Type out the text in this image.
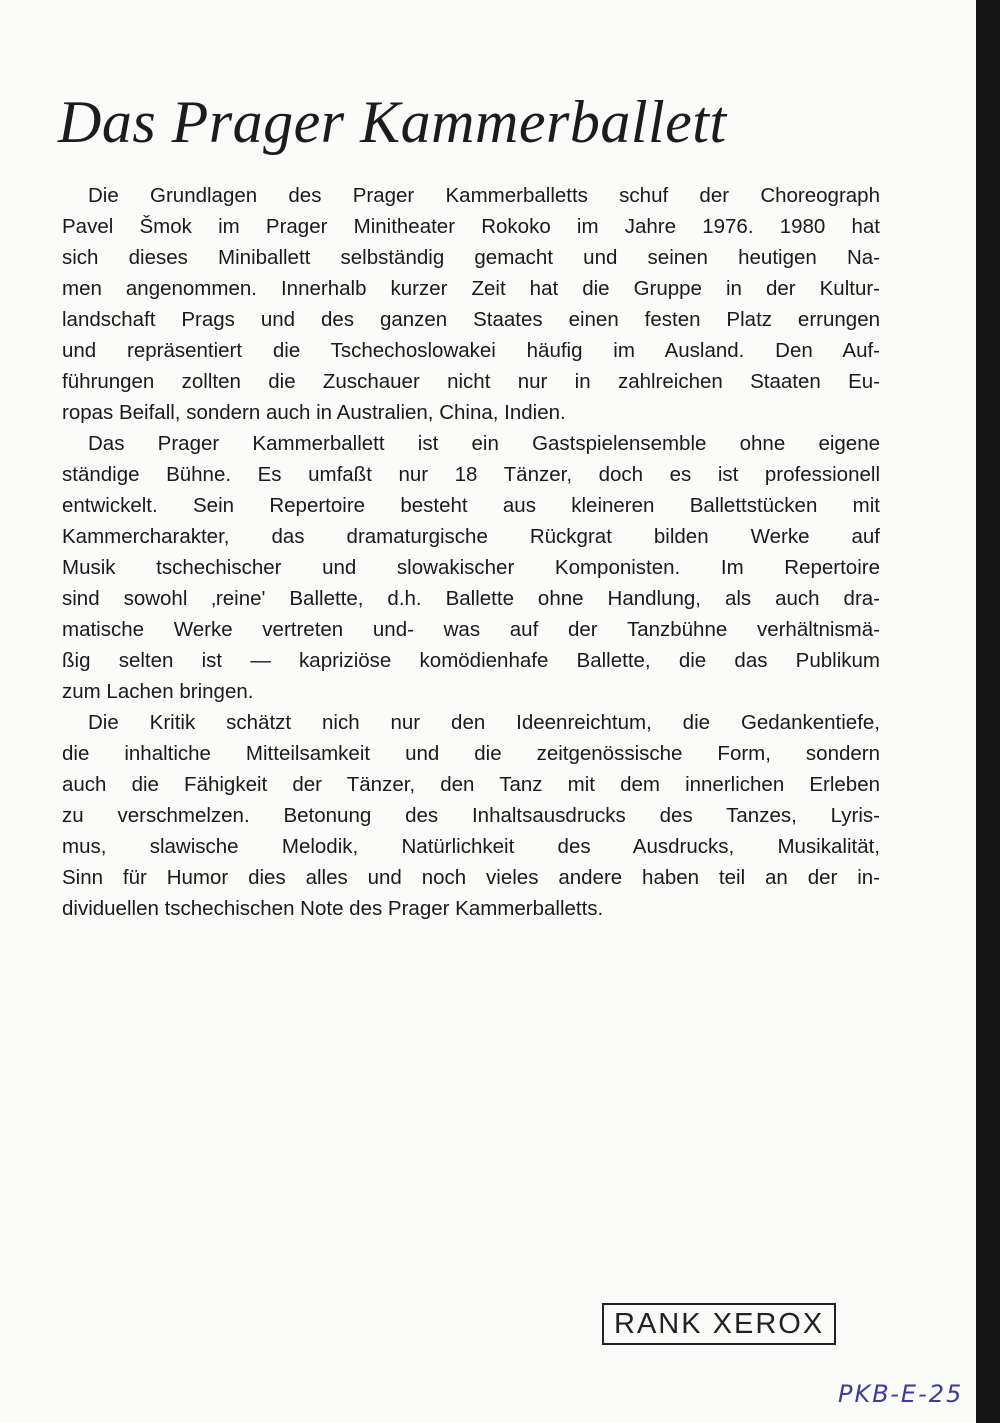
Das Prager Kammerballett
Die Grundlagen des Prager Kammerballetts schuf der Choreograph
Pavel Šmok im Prager Minitheater Rokoko im Jahre 1976. 1980 hat
sich dieses Miniballett selbständig gemacht und seinen heutigen Na-
men angenommen. Innerhalb kurzer Zeit hat die Gruppe in der Kultur-
landschaft Prags und des ganzen Staates einen festen Platz errungen
und repräsentiert die Tschechoslowakei häufig im Ausland. Den Auf-
führungen zollten die Zuschauer nicht nur in zahlreichen Staaten Eu-
ropas Beifall, sondern auch in Australien, China, Indien.
Das Prager Kammerballett ist ein Gastspielensemble ohne eigene
ständige Bühne. Es umfaßt nur 18 Tänzer, doch es ist professionell
entwickelt. Sein Repertoire besteht aus kleineren Ballettstücken mit
Kammercharakter, das dramaturgische Rückgrat bilden Werke auf
Musik tschechischer und slowakischer Komponisten. Im Repertoire
sind sowohl ‚reine' Ballette, d.h. Ballette ohne Handlung, als auch dra-
matische Werke vertreten und- was auf der Tanzbühne verhältnismä-
ßig selten ist — kapriziöse komödienhafe Ballette, die das Publikum
zum Lachen bringen.
Die Kritik schätzt nich nur den Ideenreichtum, die Gedankentiefe,
die inhaltiche Mitteilsamkeit und die zeitgenössische Form, sondern
auch die Fähigkeit der Tänzer, den Tanz mit dem innerlichen Erleben
zu verschmelzen. Betonung des Inhaltsausdrucks des Tanzes, Lyris-
mus, slawische Melodik, Natürlichkeit des Ausdrucks, Musikalität,
Sinn für Humor dies alles und noch vieles andere haben teil an der in-
dividuellen tschechischen Note des Prager Kammerballetts.
RANK XEROX
PKB-E-25
